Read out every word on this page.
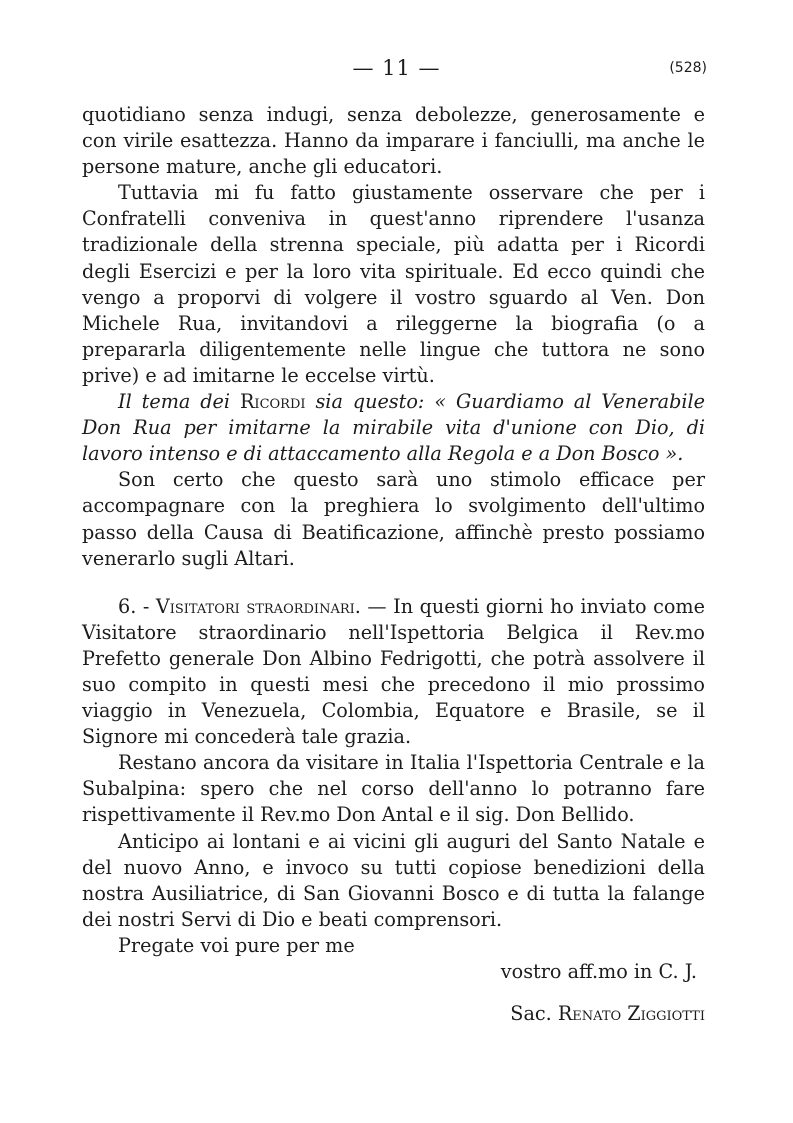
— 11 —	(528)

quotidiano senza indugi, senza debolezze, generosamente e con virile esattezza. Hanno da imparare i fanciulli, ma anche le persone mature, anche gli educatori.

Tuttavia mi fu fatto giustamente osservare che per i Confratelli conveniva in quest'anno riprendere l'usanza tradizionale della strenna speciale, più adatta per i Ricordi degli Esercizi e per la loro vita spirituale. Ed ecco quindi che vengo a proporvi di volgere il vostro sguardo al Ven. Don Michele Rua, invitandovi a rileggerne la biografia (o a prepararla diligentemente nelle lingue che tuttora ne sono prive) e ad imitarne le eccelse virtù.

Il tema dei Ricordi sia questo: « Guardiamo al Venerabile Don Rua per imitarne la mirabile vita d'unione con Dio, di lavoro intenso e di attaccamento alla Regola e a Don Bosco ».

Son certo che questo sarà uno stimolo efficace per accompagnare con la preghiera lo svolgimento dell'ultimo passo della Causa di Beatificazione, affinchè presto possiamo venerarlo sugli Altari.

6. - Visitatori straordinari. — In questi giorni ho inviato come Visitatore straordinario nell'Ispettoria Belgica il Rev.mo Prefetto generale Don Albino Fedrigotti, che potrà assolvere il suo compito in questi mesi che precedono il mio prossimo viaggio in Venezuela, Colombia, Equatore e Brasile, se il Signore mi concederà tale grazia.

Restano ancora da visitare in Italia l'Ispettoria Centrale e la Subalpina: spero che nel corso dell'anno lo potranno fare rispettivamente il Rev.mo Don Antal e il sig. Don Bellido.

Anticipo ai lontani e ai vicini gli auguri del Santo Natale e del nuovo Anno, e invoco su tutti copiose benedizioni della nostra Ausiliatrice, di San Giovanni Bosco e di tutta la falange dei nostri Servi di Dio e beati comprensori.

Pregate voi pure per me

vostro aff.mo in C. J.

Sac. Renato Ziggiotti
